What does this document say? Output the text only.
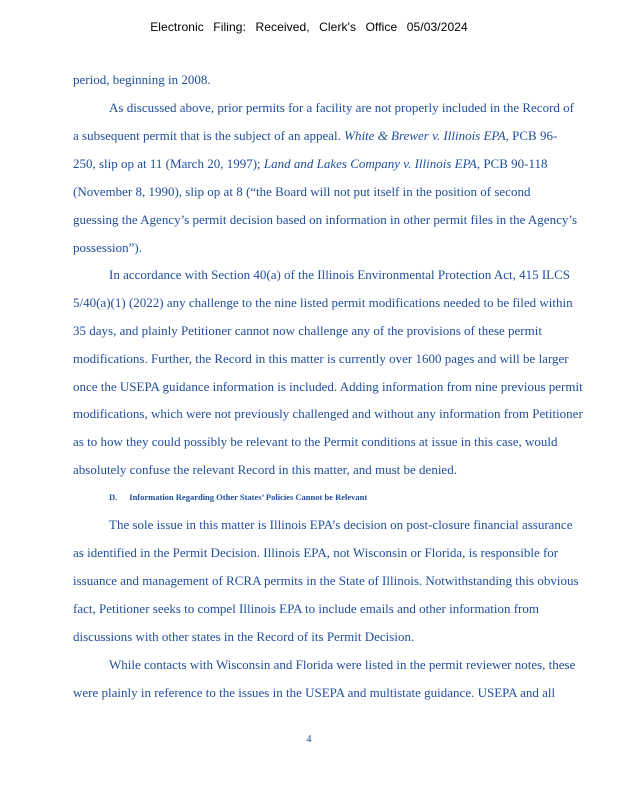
Electronic Filing: Received, Clerk's Office 05/03/2024
period, beginning in 2008.
As discussed above, prior permits for a facility are not properly included in the Record of
a subsequent permit that is the subject of an appeal. White & Brewer v. Illinois EPA, PCB 96-
250, slip op at 11 (March 20, 1997); Land and Lakes Company v. Illinois EPA, PCB 90-118
(November 8, 1990), slip op at 8 (“the Board will not put itself in the position of second
guessing the Agency’s permit decision based on information in other permit files in the Agency’s
possession”).
In accordance with Section 40(a) of the Illinois Environmental Protection Act, 415 ILCS
5/40(a)(1) (2022) any challenge to the nine listed permit modifications needed to be filed within
35 days, and plainly Petitioner cannot now challenge any of the provisions of these permit
modifications. Further, the Record in this matter is currently over 1600 pages and will be larger
once the USEPA guidance information is included. Adding information from nine previous permit
modifications, which were not previously challenged and without any information from Petitioner
as to how they could possibly be relevant to the Permit conditions at issue in this case, would
absolutely confuse the relevant Record in this matter, and must be denied.
D. Information Regarding Other States’ Policies Cannot be Relevant
The sole issue in this matter is Illinois EPA’s decision on post-closure financial assurance
as identified in the Permit Decision. Illinois EPA, not Wisconsin or Florida, is responsible for
issuance and management of RCRA permits in the State of Illinois. Notwithstanding this obvious
fact, Petitioner seeks to compel Illinois EPA to include emails and other information from
discussions with other states in the Record of its Permit Decision.
While contacts with Wisconsin and Florida were listed in the permit reviewer notes, these
were plainly in reference to the issues in the USEPA and multistate guidance. USEPA and all
4
